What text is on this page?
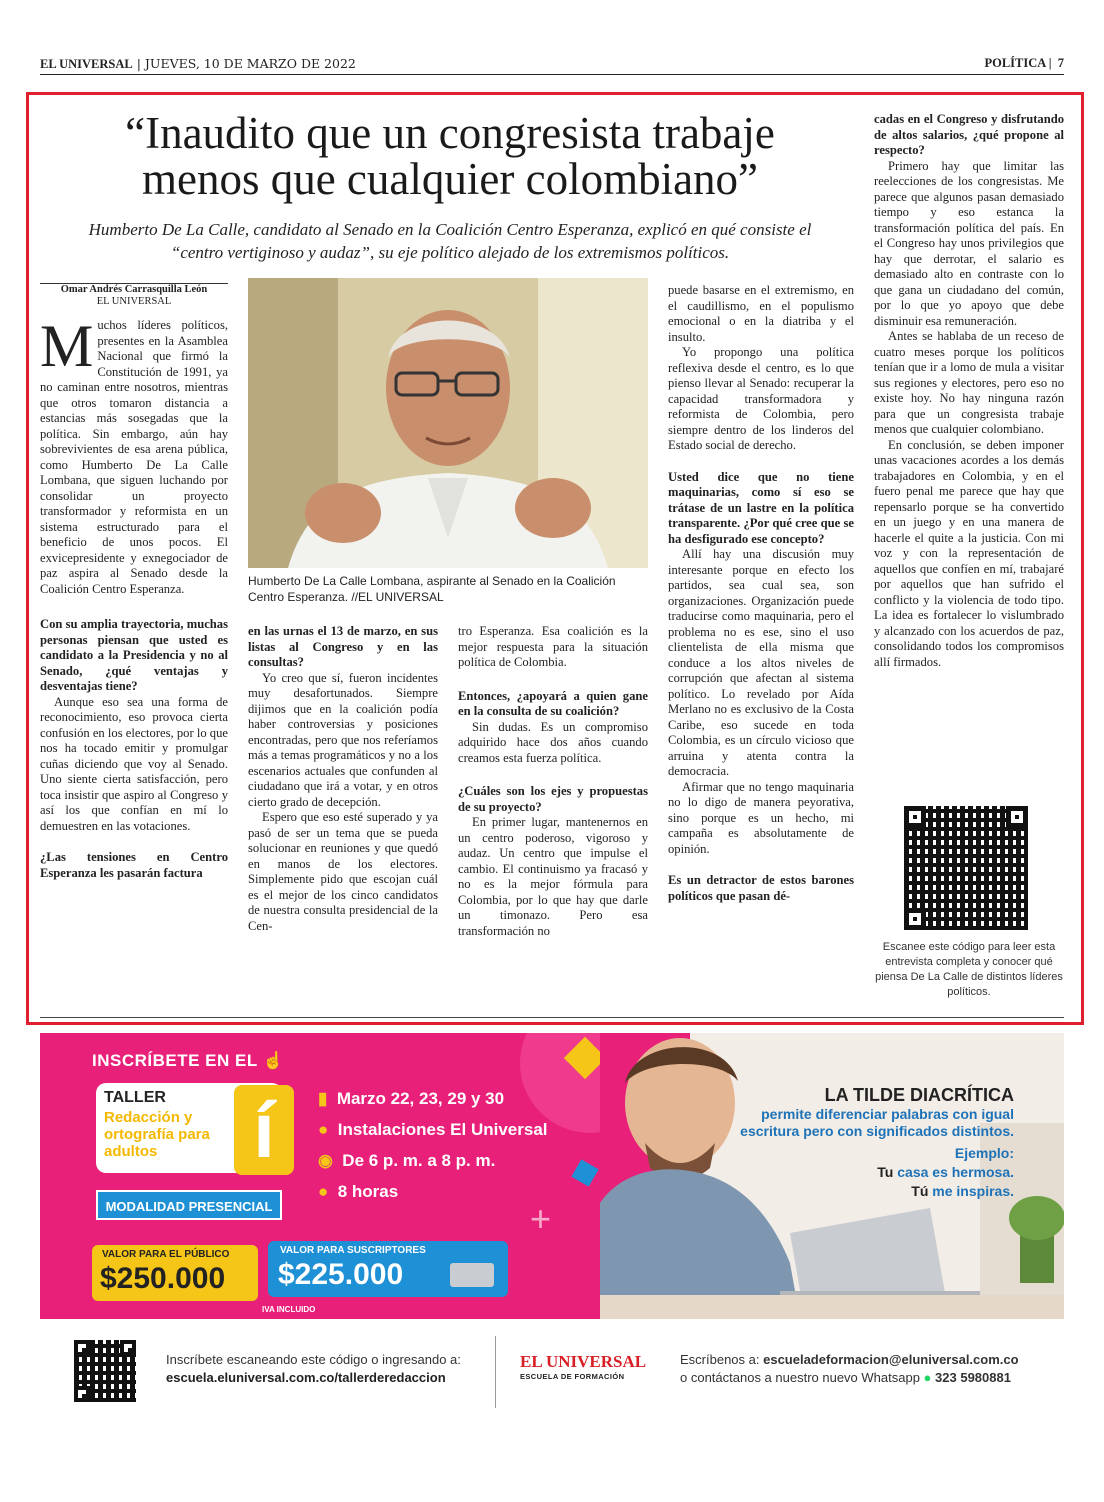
EL UNIVERSAL | JUEVES, 10 DE MARZO DE 2022	POLÍTICA |  7
“Inaudito que un congresista trabaje
menos que cualquier colombiano”
Humberto De La Calle, candidato al Senado en la Coalición Centro Esperanza, explicó en qué consiste el “centro vertiginoso y audaz”, su eje político alejado de los extremismos políticos.
Omar Andrés Carrasquilla León
EL UNIVERSAL

Muchos líderes políticos, presentes en la Asamblea Nacional que firmó la Constitución de 1991, ya no caminan entre nosotros, mientras que otros tomaron distancia a estancias más sosegadas que la política. Sin embargo, aún hay sobrevivientes de esa arena pública, como Humberto De La Calle Lombana, que siguen luchando por consolidar un proyecto transformador y reformista en un sistema estructurado para el beneficio de unos pocos. El exvicepresidente y exnegociador de paz aspira al Senado desde la Coalición Centro Esperanza.

Con su amplia trayectoria, muchas personas piensan que usted es candidato a la Presidencia y no al Senado, ¿qué ventajas y desventajas tiene?

Aunque eso sea una forma de reconocimiento, eso provoca cierta confusión en los electores, por lo que nos ha tocado emitir y promulgar cuñas diciendo que voy al Senado. Uno siente cierta satisfacción, pero toca insistir que aspiro al Congreso y así los que confían en mí lo demuestren en las votaciones.

¿Las tensiones en Centro Esperanza les pasarán factura

Humberto De La Calle Lombana, aspirante al Senado en la Coalición Centro Esperanza. //EL UNIVERSAL

en las urnas el 13 de marzo, en sus listas al Congreso y en las consultas?

Yo creo que sí, fueron incidentes muy desafortunados. Siempre dijimos que en la coalición podía haber controversias y posiciones encontradas, pero que nos referíamos más a temas programáticos y no a los escenarios actuales que confunden al ciudadano que irá a votar, y en otros cierto grado de decepción.

Espero que eso esté superado y ya pasó de ser un tema que se pueda solucionar en reuniones y que quedó en manos de los electores. Simplemente pido que escojan cuál es el mejor de los cinco candidatos de nuestra consulta presidencial de la Cen-

tro Esperanza. Esa coalición es la mejor respuesta para la situación política de Colombia.

Entonces, ¿apoyará a quien gane en la consulta de su coalición?

Sin dudas. Es un compromiso adquirido hace dos años cuando creamos esta fuerza política.

¿Cuáles son los ejes y propuestas de su proyecto?

En primer lugar, mantenernos en un centro poderoso, vigoroso y audaz. Un centro que impulse el cambio. El continuismo ya fracasó y no es la mejor fórmula para Colombia, por lo que hay que darle un timonazo. Pero esa transformación no

puede basarse en el extremismo, en el caudillismo, en el populismo emocional o en la diatriba y el insulto.

Yo propongo una política reflexiva desde el centro, es lo que pienso llevar al Senado: recuperar la capacidad transformadora y reformista de Colombia, pero siempre dentro de los linderos del Estado social de derecho.

Usted dice que no tiene maquinarias, como sí eso se trátase de un lastre en la política transparente. ¿Por qué cree que se ha desfigurado ese concepto?

Allí hay una discusión muy interesante porque en efecto los partidos, sea cual sea, son organizaciones. Organización puede traducirse como maquinaria, pero el problema no es ese, sino el uso clientelista de ella misma que conduce a los altos niveles de corrupción que afectan al sistema político. Lo revelado por Aída Merlano no es exclusivo de la Costa Caribe, eso sucede en toda Colombia, es un círculo vicioso que arruina y atenta contra la democracia.

Afirmar que no tengo maquinaria no lo digo de manera peyorativa, sino porque es un hecho, mi campaña es absolutamente de opinión.

Es un detractor de estos barones políticos que pasan dé-

cadas en el Congreso y disfrutando de altos salarios, ¿qué propone al respecto?

Primero hay que limitar las reelecciones de los congresistas. Me parece que algunos pasan demasiado tiempo y eso estanca la transformación política del país. En el Congreso hay unos privilegios que hay que derrotar, el salario es demasiado alto en contraste con lo que gana un ciudadano del común, por lo que yo apoyo que debe disminuir esa remuneración.

Antes se hablaba de un receso de cuatro meses porque los políticos tenían que ir a lomo de mula a visitar sus regiones y electores, pero eso no existe hoy. No hay ninguna razón para que un congresista trabaje menos que cualquier colombiano.

En conclusión, se deben imponer unas vacaciones acordes a los demás trabajadores en Colombia, y en el fuero penal me parece que hay que repensarlo porque se ha convertido en un juego y en una manera de hacerle el quite a la justicia. Con mi voz y con la representación de aquellos que confíen en mí, trabajaré por aquellos que han sufrido el conflicto y la violencia de todo tipo. La idea es fortalecer lo vislumbrado y alcanzado con los acuerdos de paz, consolidando todos los compromisos allí firmados.

Escanee este código para leer esta entrevista completa y conocer qué piensa De La Calle de distintos líderes políticos.
+
INSCRÍBETE EN EL ☝
TALLER
Redacción y ortografía para adultos	í
MODALIDAD PRESENCIAL
▮ Marzo 22, 23, 29 y 30
● Instalaciones El Universal
◉ De 6 p. m. a 8 p. m.
● 8 horas
VALOR PARA EL PÚBLICO
$250.000
VALOR PARA SUSCRIPTORES
$225.000
IVA INCLUIDO
LA TILDE DIACRÍTICA
permite diferenciar palabras con igual escritura pero con significados distintos.
Ejemplo:
Tu casa es hermosa.
Tú me inspiras.
Inscríbete escaneando este código o ingresando a:
escuela.eluniversal.com.co/tallerderedaccion
EL UNIVERSAL
ESCUELA DE FORMACIÓN
Escríbenos a: escueladeformacion@eluniversal.com.co
o contáctanos a nuestro nuevo Whatsapp ● 323 5980881
